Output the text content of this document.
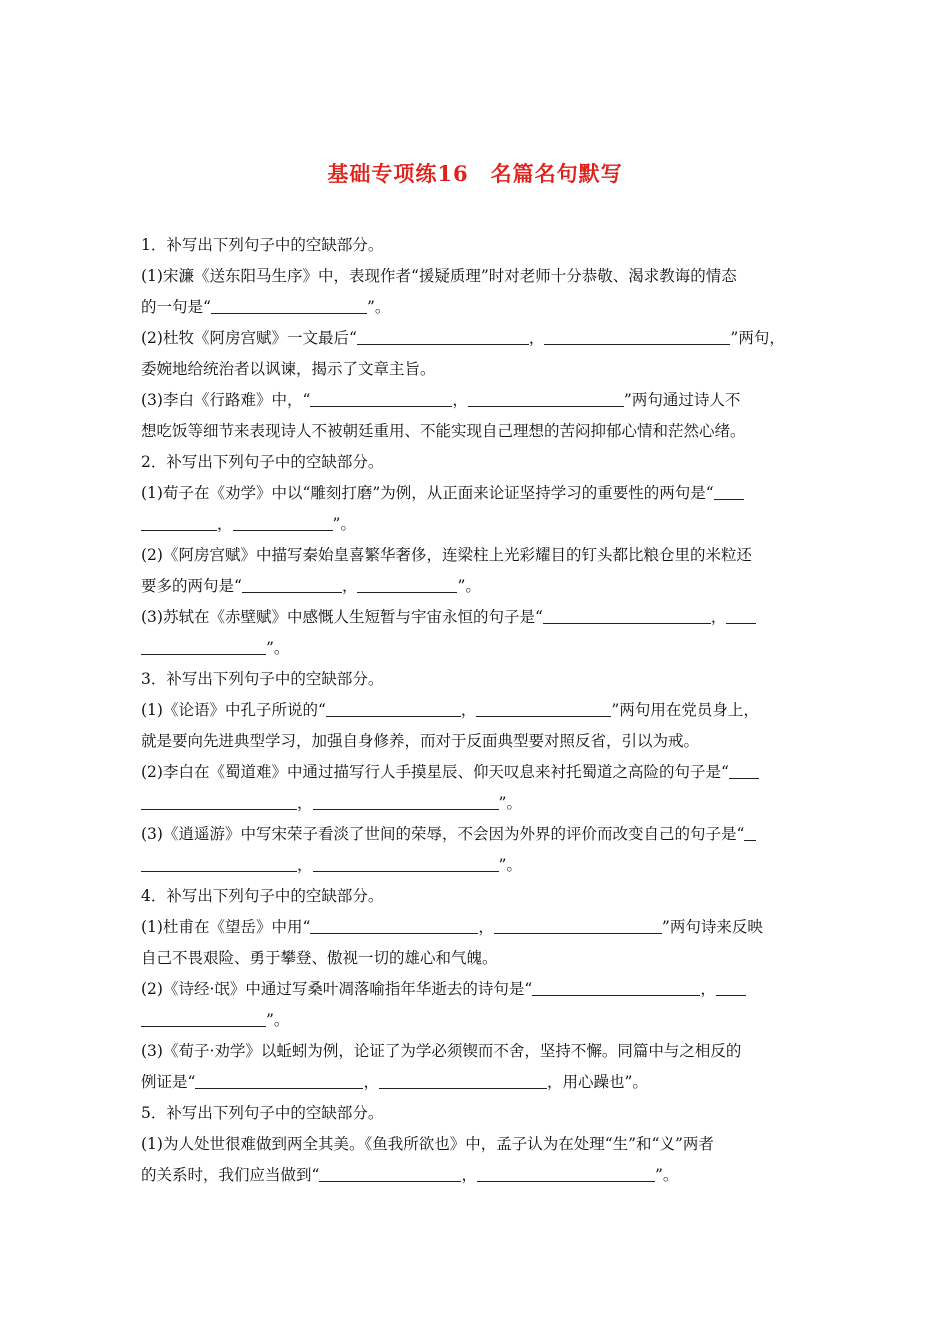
基础专项练16　名篇名句默写
1．补写出下列句子中的空缺部分。
(1)宋濂《送东阳马生序》中，表现作者“援疑质理”时对老师十分恭敬、渴求教诲的情态
的一句是“	”。
(2)杜牧《阿房宫赋》一文最后“	，	”两句，
委婉地给统治者以讽谏，揭示了文章主旨。
(3)李白《行路难》中，“	，	”两句通过诗人不
想吃饭等细节来表现诗人不被朝廷重用、不能实现自己理想的苦闷抑郁心情和茫然心绪。
2．补写出下列句子中的空缺部分。
(1)荀子在《劝学》中以“雕刻打磨”为例，从正面来论证坚持学习的重要性的两句是“
，	”。
(2)《阿房宫赋》中描写秦始皇喜繁华奢侈，连梁柱上光彩耀目的钉头都比粮仓里的米粒还
要多的两句是“	，	”。
(3)苏轼在《赤壁赋》中感慨人生短暂与宇宙永恒的句子是“	，
”。
3．补写出下列句子中的空缺部分。
(1)《论语》中孔子所说的“	，	”两句用在党员身上，
就是要向先进典型学习，加强自身修养，而对于反面典型要对照反省，引以为戒。
(2)李白在《蜀道难》中通过描写行人手摸星辰、仰天叹息来衬托蜀道之高险的句子是“
，	”。
(3)《逍遥游》中写宋荣子看淡了世间的荣辱，不会因为外界的评价而改变自己的句子是“
，	”。
4．补写出下列句子中的空缺部分。
(1)杜甫在《望岳》中用“	，	”两句诗来反映
自己不畏艰险、勇于攀登、傲视一切的雄心和气魄。
(2)《诗经·氓》中通过写桑叶凋落喻指年华逝去的诗句是“	，
”。
(3)《荀子·劝学》以蚯蚓为例，论证了为学必须锲而不舍，坚持不懈。同篇中与之相反的
例证是“	，	，用心躁也”。
5．补写出下列句子中的空缺部分。
(1)为人处世很难做到两全其美。《鱼我所欲也》中，孟子认为在处理“生”和“义”两者
的关系时，我们应当做到“	，	”。
